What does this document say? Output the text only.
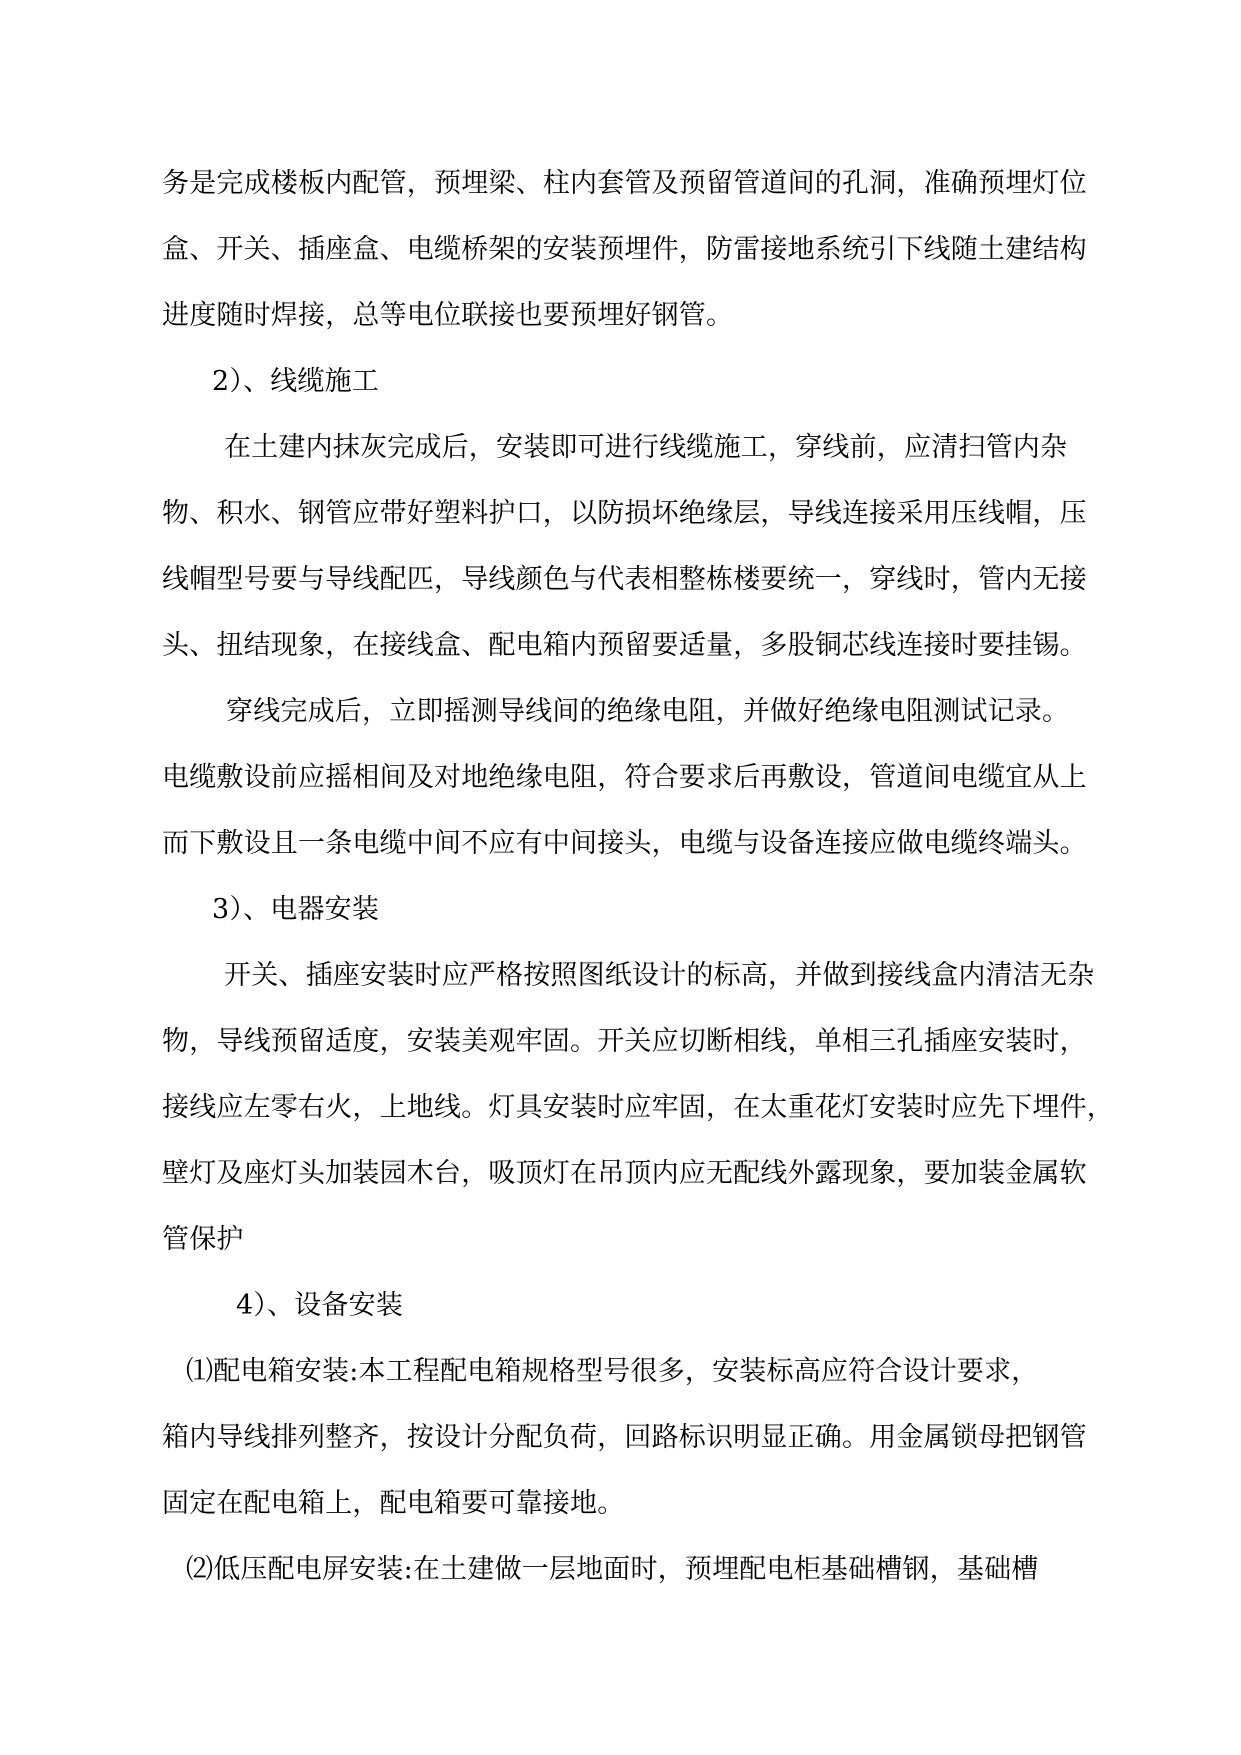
务是完成楼板内配管，预埋梁、柱内套管及预留管道间的孔洞，准确预埋灯位
盒、开关、插座盒、电缆桥架的安装预埋件，防雷接地系统引下线随土建结构
进度随时焊接，总等电位联接也要预埋好钢管。
2）、线缆施工
在土建内抹灰完成后，安装即可进行线缆施工，穿线前，应清扫管内杂
物、积水、钢管应带好塑料护口，以防损坏绝缘层，导线连接采用压线帽，压
线帽型号要与导线配匹，导线颜色与代表相整栋楼要统一，穿线时，管内无接
头、扭结现象，在接线盒、配电箱内预留要适量，多股铜芯线连接时要挂锡。
穿线完成后，立即摇测导线间的绝缘电阻，并做好绝缘电阻测试记录。
电缆敷设前应摇相间及对地绝缘电阻，符合要求后再敷设，管道间电缆宜从上
而下敷设且一条电缆中间不应有中间接头，电缆与设备连接应做电缆终端头。
3）、电器安装
开关、插座安装时应严格按照图纸设计的标高，并做到接线盒内清洁无杂
物，导线预留适度，安装美观牢固。开关应切断相线，单相三孔插座安装时，
接线应左零右火，上地线。灯具安装时应牢固，在太重花灯安装时应先下埋件，
壁灯及座灯头加装园木台，吸顶灯在吊顶内应无配线外露现象，要加装金属软
管保护
4）、设备安装
⑴配电箱安装:本工程配电箱规格型号很多，安装标高应符合设计要求，
箱内导线排列整齐，按设计分配负荷，回路标识明显正确。用金属锁母把钢管
固定在配电箱上，配电箱要可靠接地。
⑵低压配电屏安装:在土建做一层地面时，预埋配电柜基础槽钢，基础槽
